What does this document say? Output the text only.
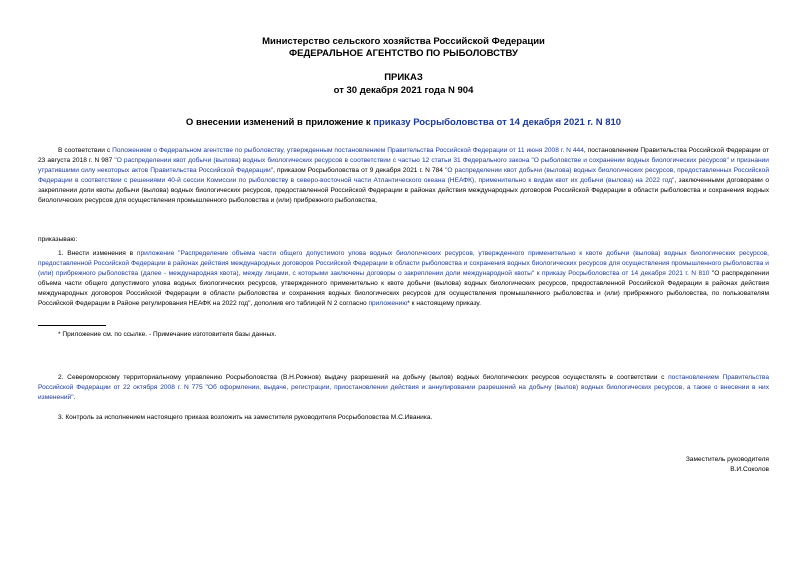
Министерство сельского хозяйства Российской Федерации
ФЕДЕРАЛЬНОЕ АГЕНТСТВО ПО РЫБОЛОВСТВУ
ПРИКАЗ
от 30 декабря 2021 года N 904
О внесении изменений в приложение к приказу Росрыболовства от 14 декабря 2021 г. N 810

В соответствии с Положением о Федеральном агентстве по рыболовству, утвержденным постановлением Правительства Российской Федерации от 11 июня 2008 г. N 444, постановлением Правительства Российской Федерации от 23 августа 2018 г. N 987 "О распределении квот добычи (вылова) водных биологических ресурсов в соответствии с частью 12 статьи 31 Федерального закона "О рыболовстве и сохранении водных биологических ресурсов" и признании утратившими силу некоторых актов Правительства Российской Федерации", приказом Росрыболовства от 9 декабря 2021 г. N 784 "О распределении квот добычи (вылова) водных биологических ресурсов, предоставленных Российской Федерации в соответствии с решениями 40-й сессии Комиссии по рыболовству в северо-восточной части Атлантического океана (НЕАФК), применительно к видам квот их добычи (вылова) на 2022 год", заключенными договорами о закреплении доли квоты добычи (вылова) водных биологических ресурсов, предоставленной Российской Федерации в районах действия международных договоров Российской Федерации в области рыболовства и сохранения водных биологических ресурсов для осуществления промышленного рыболовства и (или) прибрежного рыболовства,

приказываю:

1. Внести изменения в приложение "Распределение объема части общего допустимого улова водных биологических ресурсов, утвержденного применительно к квоте добычи (вылова) водных биологических ресурсов, предоставленной Российской Федерации в районах действия международных договоров Российской Федерации в области рыболовства и сохранения водных биологических ресурсов для осуществления промышленного рыболовства и (или) прибрежного рыболовства (далее - международная квота), между лицами, с которыми заключены договоры о закреплении доли международной квоты" к приказу Росрыболовства от 14 декабря 2021 г. N 810 "О распределении объема части общего допустимого улова водных биологических ресурсов, утвержденного применительно к квоте добычи (вылова) водных биологических ресурсов, предоставленной Российской Федерации в районах действия международных договоров Российской Федерации в области рыболовства и сохранения водных биологических ресурсов для осуществления промышленного рыболовства и (или) прибрежного рыболовства, по пользователям Российской Федерации в Районе регулирования НЕАФК на 2022 год", дополнив его таблицей N 2 согласно приложению* к настоящему приказу.

* Приложение см. по ссылке. - Примечание изготовителя базы данных.

2. Североморскому территориальному управлению Росрыболовства (В.Н.Рожнов) выдачу разрешений на добычу (вылов) водных биологических ресурсов осуществлять в соответствии с постановлением Правительства Российской Федерации от 22 октября 2008 г. N 775 "Об оформлении, выдаче, регистрации, приостановлении действия и аннулировании разрешений на добычу (вылов) водных биологических ресурсов, а также о внесении в них изменений".

3. Контроль за исполнением настоящего приказа возложить на заместителя руководителя Росрыболовства М.С.Иваника.

Заместитель руководителя
В.И.Соколов
